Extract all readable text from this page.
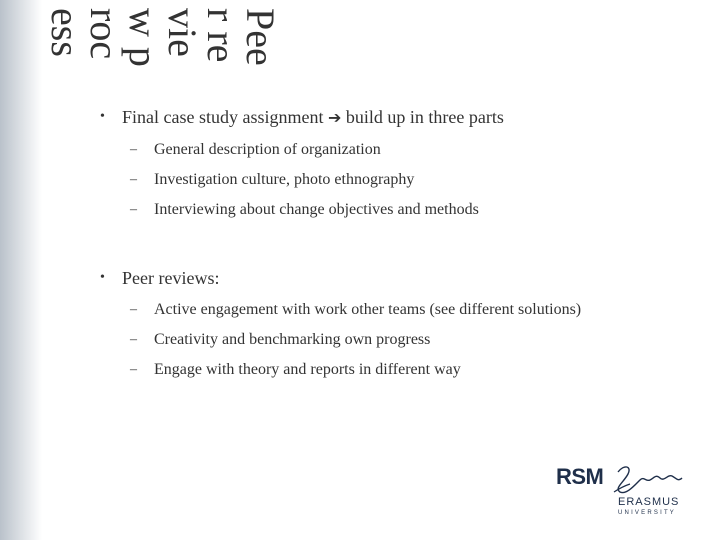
Peer review process
• Final case study assignment ➔ build up in three parts
– General description of organization
– Investigation culture, photo ethnography
– Interviewing about change objectives and methods
• Peer reviews:
– Active engagement with work other teams (see different solutions)
– Creativity and benchmarking own progress
– Engage with theory and reports in different way
RSM
ERASMUS
UNIVERSITY
